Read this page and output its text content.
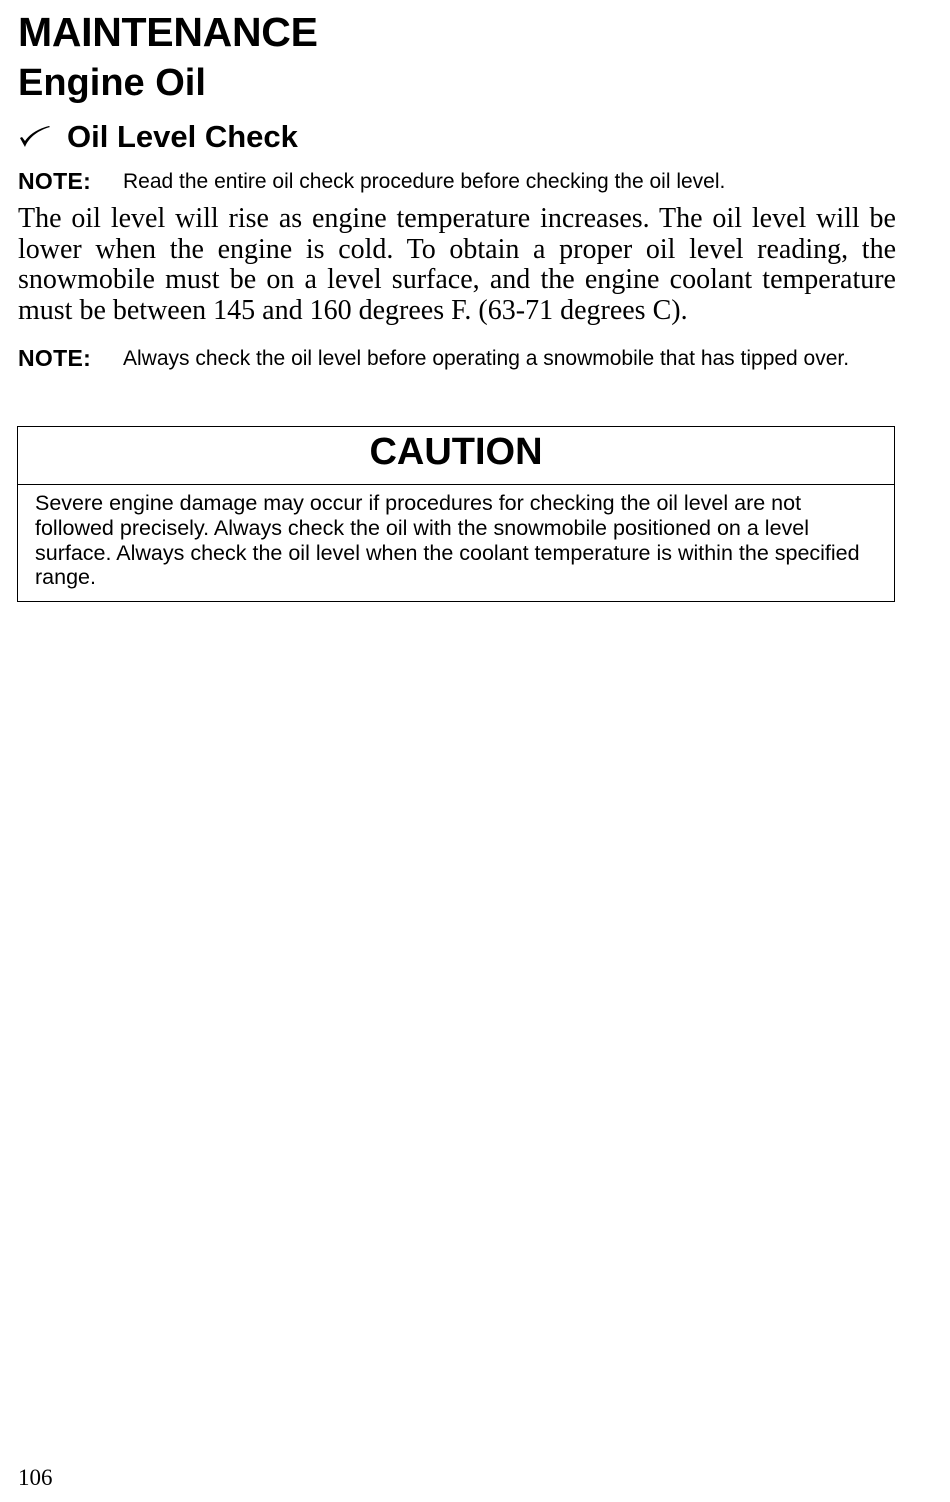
MAINTENANCE
Engine Oil
Oil Level Check
NOTE:	Read the entire oil check procedure before checking the oil level.

The oil level will rise as engine temperature increases. The oil level will be lower when the engine is cold. To obtain a proper oil level reading, the snowmobile must be on a level surface, and the engine coolant temperature must be between 145 and 160 degrees F. (63-71 degrees C).

NOTE:	Always check the oil level before operating a snowmobile that has tipped over.
CAUTION

Severe engine damage may occur if procedures for checking the oil level are not followed precisely. Always check the oil with the snowmobile positioned on a level surface. Always check the oil level when the coolant temperature is within the specified range.

106
